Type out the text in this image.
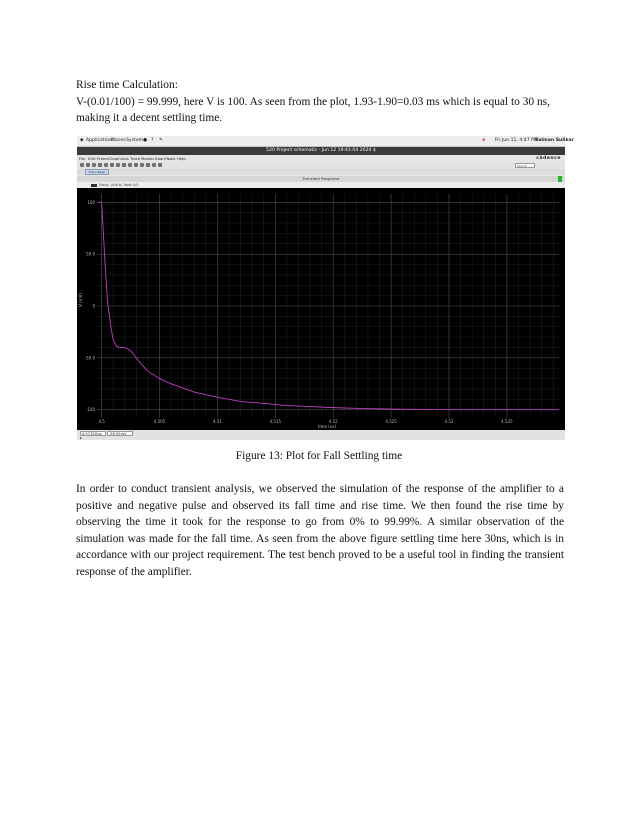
Rise time Calculation:
V-(0.01/100) = 99.999, here V is 100. As seen from the plot, 1.93-1.90=0.03 ms which is equal to 30 ns,
making it a decent settling time.
◆ Applications
Places System ● ? ✎	◈ Fri Jun 11, 4:47 PM
Salman Sulikar
520 Project schematic - Jun 12 19:41:04 2024 $
File Edit Frame Graph Axis Trace Marker Zoom Tools Help	cādence
Trans Resp
Search
Transient Response
/Vout, (V.d(n) Vout (V)
100
50.0
0
-50.0
-100
4.5	4.505	4.51	4.515	4.52	4.525	4.53	4.535
V (mV)
time (us)
4.5715Gus	-90.92mV
▸
Figure 13: Plot for Fall Settling time
In order to conduct transient analysis, we observed the simulation of the response of the amplifier to a
positive and negative pulse and observed its fall time and rise time. We then found the rise time by
observing the time it took for the response to go from 0% to 99.99%. A similar observation of the
simulation was made for the fall time. As seen from the above figure settling time here 30ns, which is in
accordance with our project requirement. The test bench proved to be a useful tool in finding the transient
response of the amplifier.
